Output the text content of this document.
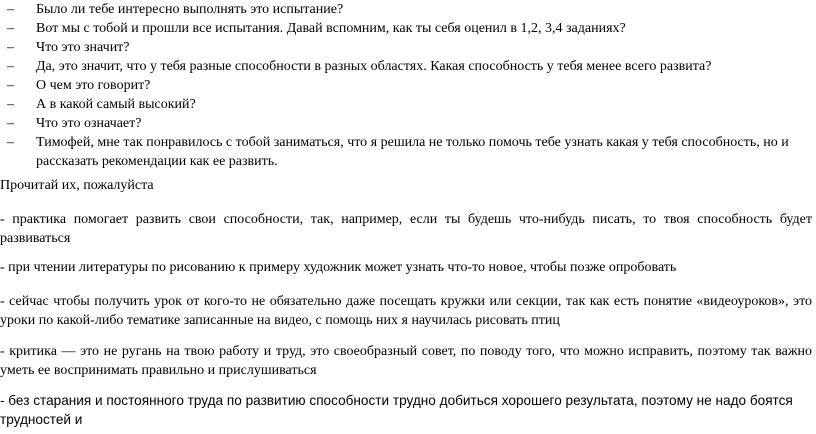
– Было ли тебе интересно выполнять это испытание?
– Вот мы с тобой и прошли все испытания. Давай вспомним, как ты себя оценил в 1,2, 3,4 заданиях?
– Что это значит?
– Да, это значит, что у тебя разные способности в разных областях. Какая способность у тебя менее всего развита?
– О чем это говорит?
– А в какой самый высокий?
– Что это означает?
– Тимофей, мне так понравилось с тобой заниматься, что я решила не только помочь тебе узнать какая у тебя способность, но и рассказать рекомендации как ее развить.

Прочитай их, пожалуйста

- практика помогает развить свои способности, так, например, если ты будешь что-нибудь писать, то твоя способность будет развиваться

- при чтении литературы по рисованию к примеру художник может узнать что-то новое, чтобы позже опробовать

- сейчас чтобы получить урок от кого-то не обязательно даже посещать кружки или секции, так как есть понятие «видеоуроков», это уроки по какой-либо тематике записанные на видео, с помощь них я научилась рисовать птиц

- критика — это не ругань на твою работу и труд, это своеобразный совет, по поводу того, что можно исправить, поэтому так важно уметь ее воспринимать правильно и прислушиваться

- без старания и постоянного труда по развитию способности трудно добиться хорошего результата, поэтому не надо боятся трудностей и
